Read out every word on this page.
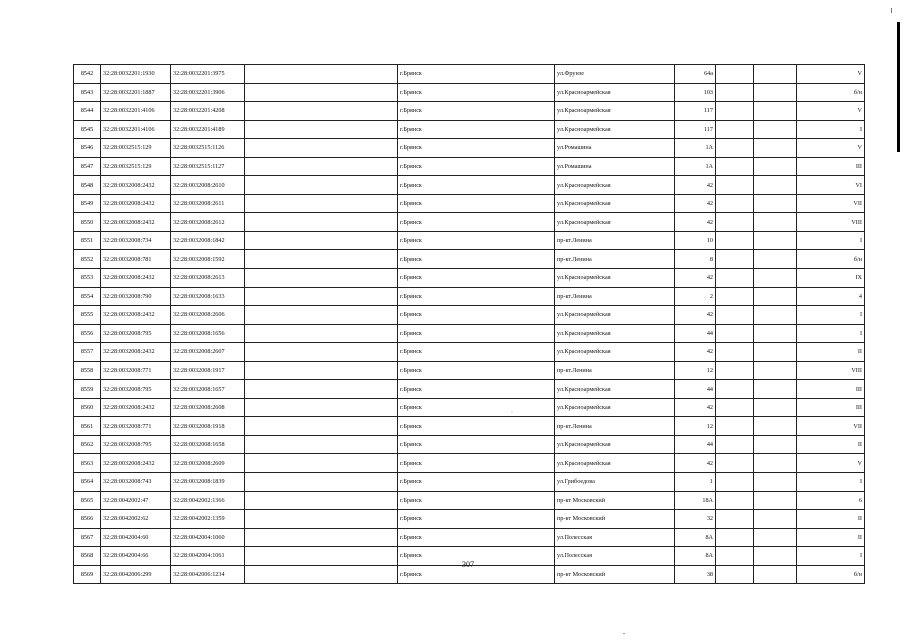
8542	32:28:0032201:1930	32:28:0032201:3975		г.Брянск	ул.Фрунзе	64а			V
8543	32:28:0032201:1887	32:28:0032201:3906		г.Брянск	ул.Красноармейская	103			б/н
8544	32:28:0032201:4106	32:28:0032201:4208		г.Брянск	ул.Красноармейская	117			V
8545	32:28:0032201:4106	32:28:0032201:4189		г.Брянск	ул.Красноармейская	117			I
8546	32:28:0032515:129	32:28:0032515:1126		г.Брянск	ул.Ромашина	1А			V
8547	32:28:0032515:129	32:28:0032515:1127		г.Брянск	ул.Ромашина	1А			III
8548	32:28:0032008:2432	32:28:0032008:2610		г.Брянск	ул.Красноармейская	42			VI
8549	32:28:0032008:2432	32:28:0032008:2611		г.Брянск	ул.Красноармейская	42			VII
8550	32:28:0032008:2432	32:28:0032008:2612		г.Брянск	ул.Красноармейская	42			VIII
8551	32:28:0032008:734	32:28:0032008:1842		г.Брянск	пр-кт.Ленина	10			I
8552	32:28:0032008:781	32:28:0032008:1592		г.Брянск	пр-кт.Ленина	8			б/н
8553	32:28:0032008:2432	32:28:0032008:2613		г.Брянск	ул.Красноармейская	42			IX
8554	32:28:0032008:790	32:28:0032008:1633		г.Брянск	пр-кт.Ленина	2			4
8555	32:28:0032008:2432	32:28:0032008:2606		г.Брянск	ул.Красноармейская	42			I
8556	32:28:0032008:795	32:28:0032008:1656		г.Брянск	ул.Красноармейская	44			I
8557	32:28:0032008:2432	32:28:0032008:2607		г.Брянск	ул.Красноармейская	42			II
8558	32:28:0032008:771	32:28:0032008:1917		г.Брянск	пр-кт.Ленина	12			VIII
8559	32:28:0032008:795	32:28:0032008:1657		г.Брянск	ул.Красноармейская	44			III
8560	32:28:0032008:2432	32:28:0032008:2608		г.Брянск	ул.Красноармейская	42			III
8561	32:28:0032008:771	32:28:0032008:1918		г.Брянск	пр-кт.Ленина	12			VII
8562	32:28:0032008:795	32:28:0032008:1658		г.Брянск	ул.Красноармейская	44			II
8563	32:28:0032008:2432	32:28:0032008:2609		г.Брянск	ул.Красноармейская	42			V
8564	32:28:0032008:743	32:28:0032008:1839		г.Брянск	ул.Грибоедова	1			I
8565	32:28:0042002:47	32:28:0042002:1366		г.Брянск	пр-кт Московский	18А			6
8566	32:28:0042002:62	32:28:0042002:1359		г.Брянск	пр-кт Московский	32			II
8567	32:28:0042004:60	32:28:0042004:1060		г.Брянск	ул.Полесская	8А			II
8568	32:28:0042004:66	32:28:0042004:1061		г.Брянск	ул.Полесская	8А			I
8569	32:28:0042006:299	32:28:0042006:1234		г.Брянск	пр-кт Московский	38			б/н
·
307
